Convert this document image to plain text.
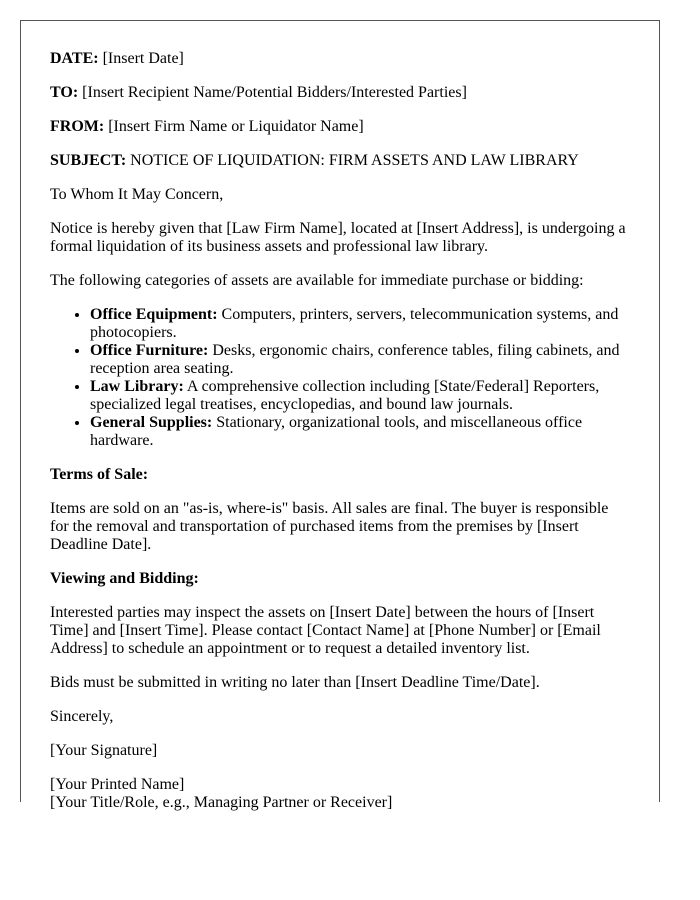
DATE: [Insert Date]

TO: [Insert Recipient Name/Potential Bidders/Interested Parties]

FROM: [Insert Firm Name or Liquidator Name]

SUBJECT: NOTICE OF LIQUIDATION: FIRM ASSETS AND LAW LIBRARY

To Whom It May Concern,

Notice is hereby given that [Law Firm Name], located at [Insert Address], is undergoing a formal liquidation of its business assets and professional law library.

The following categories of assets are available for immediate purchase or bidding:

• Office Equipment: Computers, printers, servers, telecommunication systems, and photocopiers.
• Office Furniture: Desks, ergonomic chairs, conference tables, filing cabinets, and reception area seating.
• Law Library: A comprehensive collection including [State/Federal] Reporters, specialized legal treatises, encyclopedias, and bound law journals.
• General Supplies: Stationary, organizational tools, and miscellaneous office hardware.

Terms of Sale:

Items are sold on an "as-is, where-is" basis. All sales are final. The buyer is responsible for the removal and transportation of purchased items from the premises by [Insert Deadline Date].

Viewing and Bidding:

Interested parties may inspect the assets on [Insert Date] between the hours of [Insert Time] and [Insert Time]. Please contact [Contact Name] at [Phone Number] or [Email Address] to schedule an appointment or to request a detailed inventory list.

Bids must be submitted in writing no later than [Insert Deadline Time/Date].

Sincerely,

[Your Signature]

[Your Printed Name]

[Your Title/Role, e.g., Managing Partner or Receiver]
